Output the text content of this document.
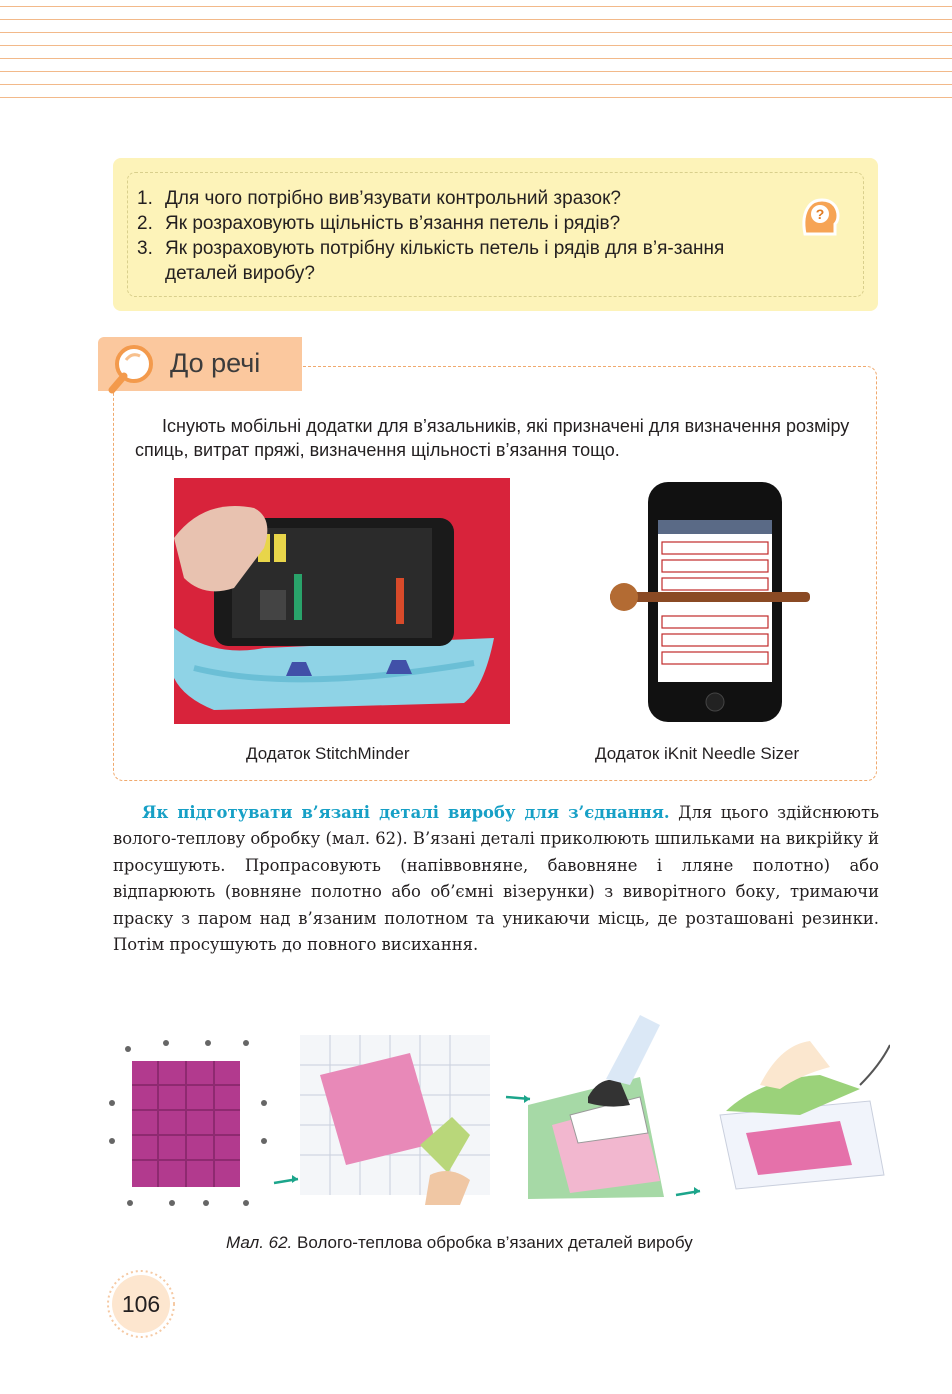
1. Для чого потрібно вив’язувати контрольний зразок?
2. Як розраховують щільність в’язання петель і рядів?
3. Як розраховують потрібну кількість петель і рядів для в’я-зання деталей виробу?
?
До речі

Існують мобільні додатки для в’язальників, які призначені для визначення розміру спиць, витрат пряжі, визначення щільності в’язання тощо.

Додаток StitchMinder	Додаток iKnit Needle Sizer

Як підготувати в’язані деталі виробу для з’єднання. Для цього здійснюють волого-теплову обробку (мал. 62). В’язані деталі приколюють шпильками на викрійку й просушують. Пропрасовують (напіввовняне, бавовняне і лляне полотно) або відпарюють (вовняне полотно або об’ємні візерунки) з виворітного боку, тримаючи праску з паром над в’язаним полотном та уникаючи місць, де розташовані резинки. Потім просушують до повного висихання.

Мал. 62. Волого-теплова обробка в’язаних деталей виробу
106
